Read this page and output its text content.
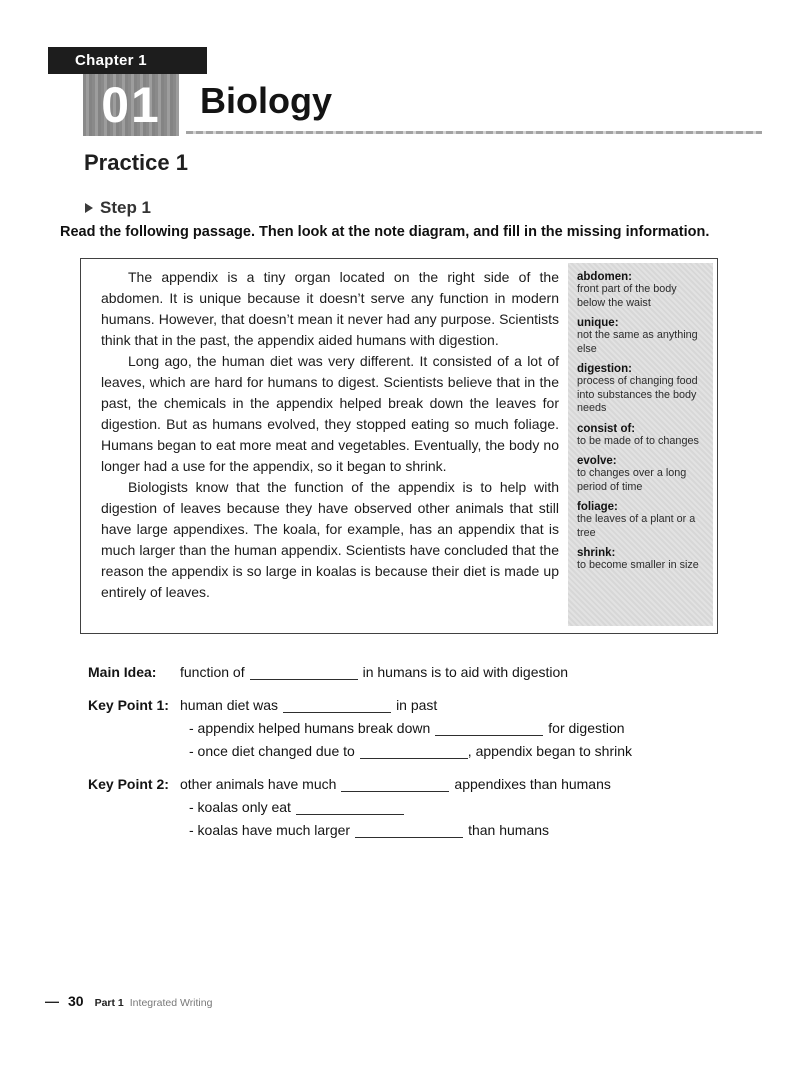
Chapter 1
01	Biology
Practice 1
Step 1

Read the following passage. Then look at the note diagram, and fill in the missing information.

The appendix is a tiny organ located on the right side of the abdomen. It is unique because it doesn’t serve any function in modern humans. However, that doesn’t mean it never had any purpose. Scientists think that in the past, the appendix aided humans with digestion.

Long ago, the human diet was very different. It consisted of a lot of leaves, which are hard for humans to digest. Scientists believe that in the past, the chemicals in the appendix helped break down the leaves for digestion. But as humans evolved, they stopped eating so much foliage. Humans began to eat more meat and vegetables. Eventually, the body no longer had a use for the appendix, so it began to shrink.

Biologists know that the function of the appendix is to help with digestion of leaves because they have observed other animals that still have large appendixes. The koala, for example, has an appendix that is much larger than the human appendix. Scientists have concluded that the reason the appendix is so large in koalas is because their diet is made up entirely of leaves.

abdomen:
front part of the body below the waist
unique:
not the same as anything else
digestion:
process of changing food into substances the body needs
consist of:
to be made of to changes
evolve:
to changes over a long period of time
foliage:
the leaves of a plant or a tree
shrink:
to become smaller in size
Main Idea:	function of	in humans is to aid with digestion
Key Point 1: human diet was	in past
- appendix helped humans break down	for digestion
- once diet changed due to	, appendix began to shrink
Key Point 2: other animals have much	appendixes than humans
- koalas only eat
- koalas have much larger	than humans
— 30 Part 1 Integrated Writing
